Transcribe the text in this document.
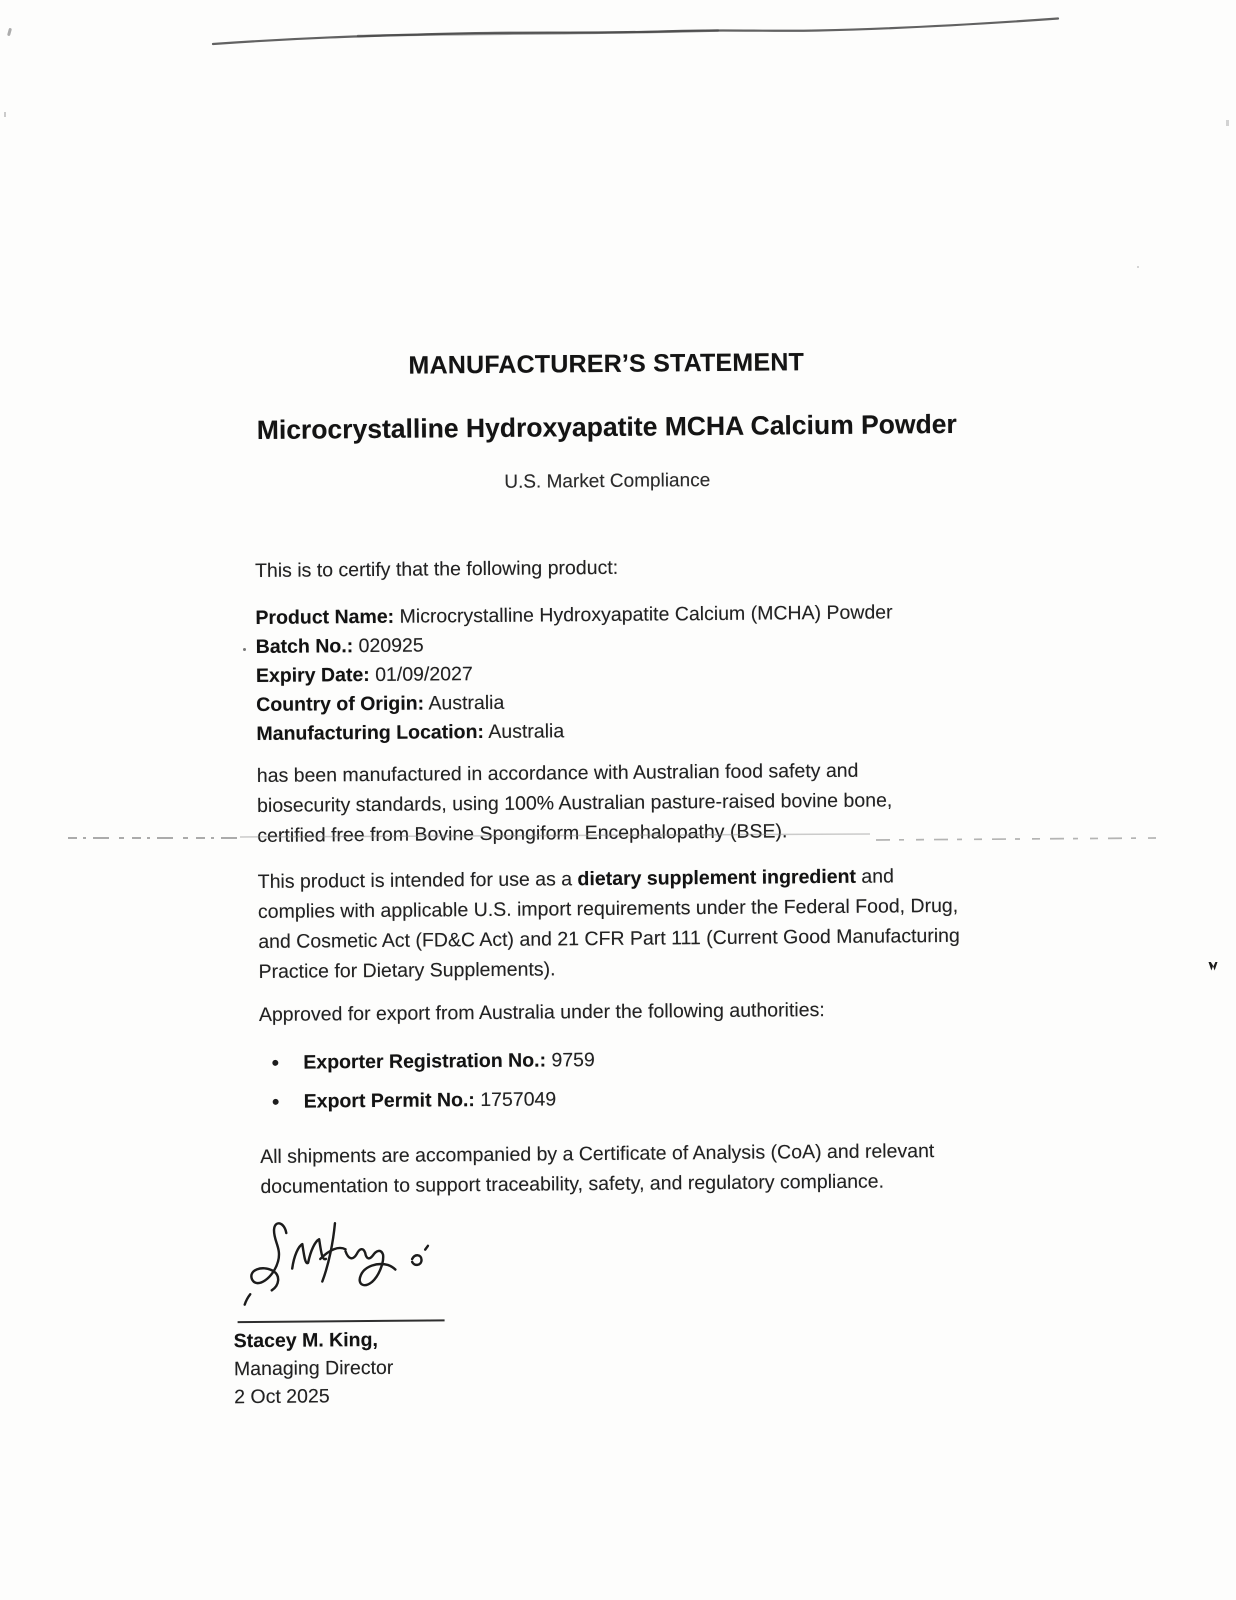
MANUFACTURER’S STATEMENT
Microcrystalline Hydroxyapatite MCHA Calcium Powder
U.S. Market Compliance

This is to certify that the following product:

Product Name: Microcrystalline Hydroxyapatite Calcium (MCHA) Powder
Batch No.: 020925
Expiry Date: 01/09/2027
Country of Origin: Australia
Manufacturing Location: Australia

has been manufactured in accordance with Australian food safety and biosecurity standards, using 100% Australian pasture-raised bovine bone, certified free from Bovine Spongiform Encephalopathy (BSE).

This product is intended for use as a dietary supplement ingredient and complies with applicable U.S. import requirements under the Federal Food, Drug, and Cosmetic Act (FD&C Act) and 21 CFR Part 111 (Current Good Manufacturing Practice for Dietary Supplements).

Approved for export from Australia under the following authorities:

Exporter Registration No.: 9759
Export Permit No.: 1757049

All shipments are accompanied by a Certificate of Analysis (CoA) and relevant documentation to support traceability, safety, and regulatory compliance.

Stacey M. King,
Managing Director
2 Oct 2025
